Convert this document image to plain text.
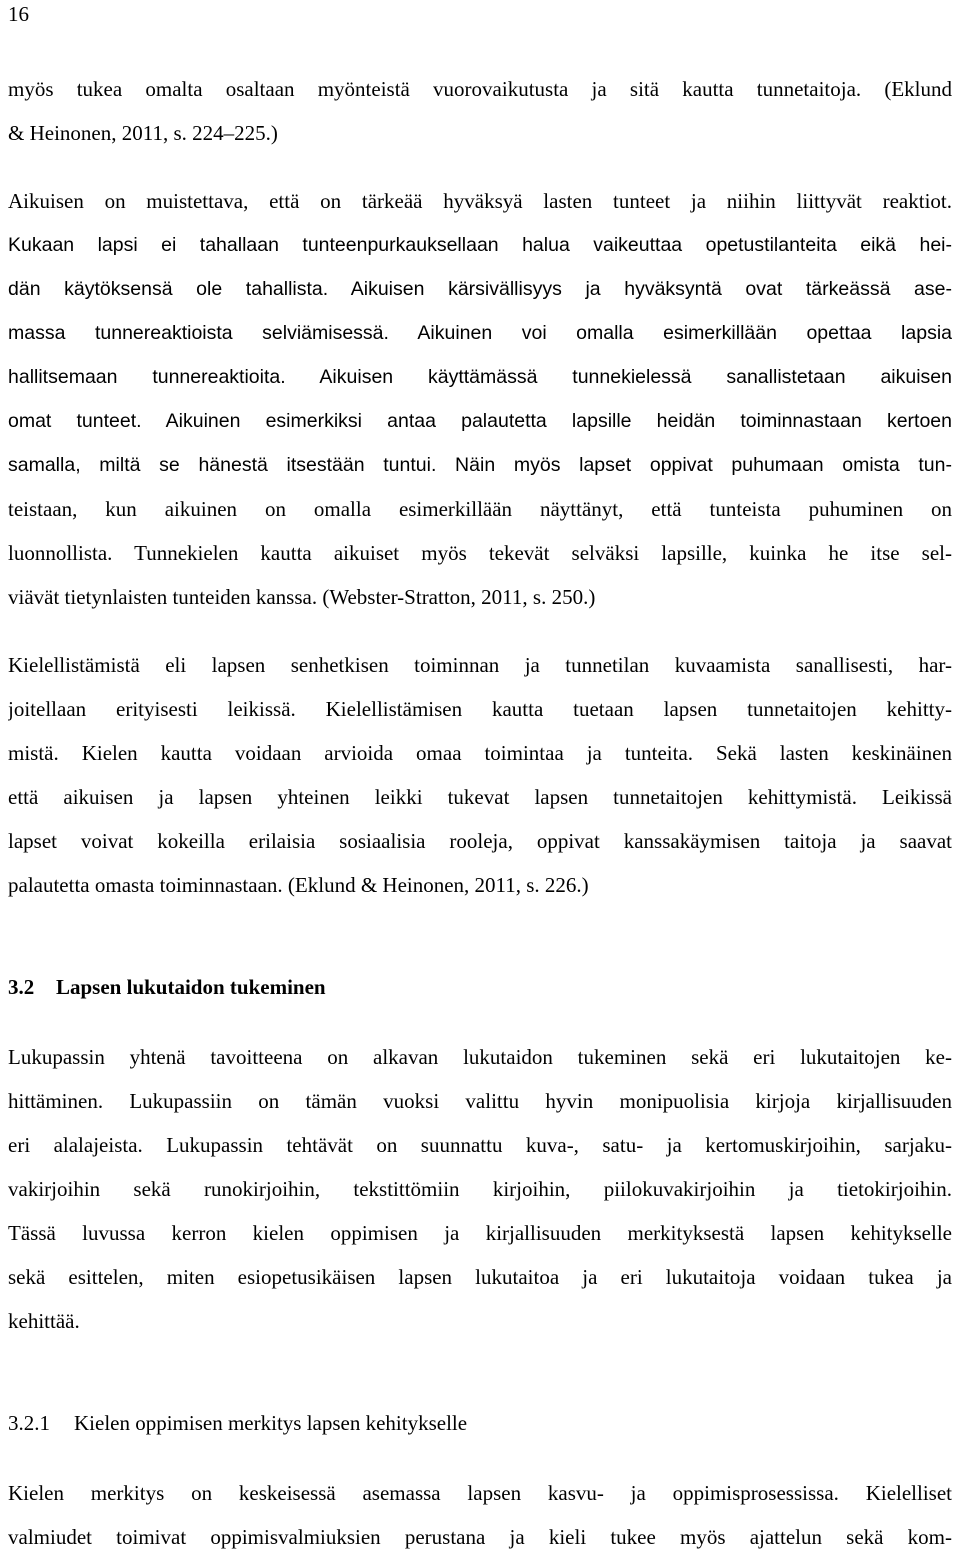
16
myös tukea omalta osaltaan myönteistä vuorovaikutusta ja sitä kautta tunnetaitoja. (Eklund
& Heinonen, 2011, s. 224–225.)
Aikuisen on muistettava, että on tärkeää hyväksyä lasten tunteet ja niihin liittyvät reaktiot.
Kukaan lapsi ei tahallaan tunteenpurkauksellaan halua vaikeuttaa opetustilanteita eikä hei-
dän käytöksensä ole tahallista. Aikuisen kärsivällisyys ja hyväksyntä ovat tärkeässä ase-
massa tunnereaktioista selviämisessä. Aikuinen voi omalla esimerkillään opettaa lapsia
hallitsemaan tunnereaktioita. Aikuisen käyttämässä tunnekielessä sanallistetaan aikuisen
omat tunteet. Aikuinen esimerkiksi antaa palautetta lapsille heidän toiminnastaan kertoen
samalla, miltä se hänestä itsestään tuntui. Näin myös lapset oppivat puhumaan omista tun-
teistaan, kun aikuinen on omalla esimerkillään näyttänyt, että tunteista puhuminen on
luonnollista. Tunnekielen kautta aikuiset myös tekevät selväksi lapsille, kuinka he itse sel-
viävät tietynlaisten tunteiden kanssa. (Webster-Stratton, 2011, s. 250.)
Kielellistämistä eli lapsen senhetkisen toiminnan ja tunnetilan kuvaamista sanallisesti, har-
joitellaan erityisesti leikissä. Kielellistämisen kautta tuetaan lapsen tunnetaitojen kehitty-
mistä. Kielen kautta voidaan arvioida omaa toimintaa ja tunteita. Sekä lasten keskinäinen
että aikuisen ja lapsen yhteinen leikki tukevat lapsen tunnetaitojen kehittymistä. Leikissä
lapset voivat kokeilla erilaisia sosiaalisia rooleja, oppivat kanssakäymisen taitoja ja saavat
palautetta omasta toiminnastaan. (Eklund & Heinonen, 2011, s. 226.)
3.2 Lapsen lukutaidon tukeminen
Lukupassin yhtenä tavoitteena on alkavan lukutaidon tukeminen sekä eri lukutaitojen ke-
hittäminen. Lukupassiin on tämän vuoksi valittu hyvin monipuolisia kirjoja kirjallisuuden
eri alalajeista. Lukupassin tehtävät on suunnattu kuva-, satu- ja kertomuskirjoihin, sarjaku-
vakirjoihin sekä runokirjoihin, tekstittömiin kirjoihin, piilokuvakirjoihin ja tietokirjoihin.
Tässä luvussa kerron kielen oppimisen ja kirjallisuuden merkityksestä lapsen kehitykselle
sekä esittelen, miten esiopetusikäisen lapsen lukutaitoa ja eri lukutaitoja voidaan tukea ja
kehittää.
3.2.1 Kielen oppimisen merkitys lapsen kehitykselle
Kielen merkitys on keskeisessä asemassa lapsen kasvu- ja oppimisprosessissa. Kielelliset
valmiudet toimivat oppimisvalmiuksien perustana ja kieli tukee myös ajattelun sekä kom-
